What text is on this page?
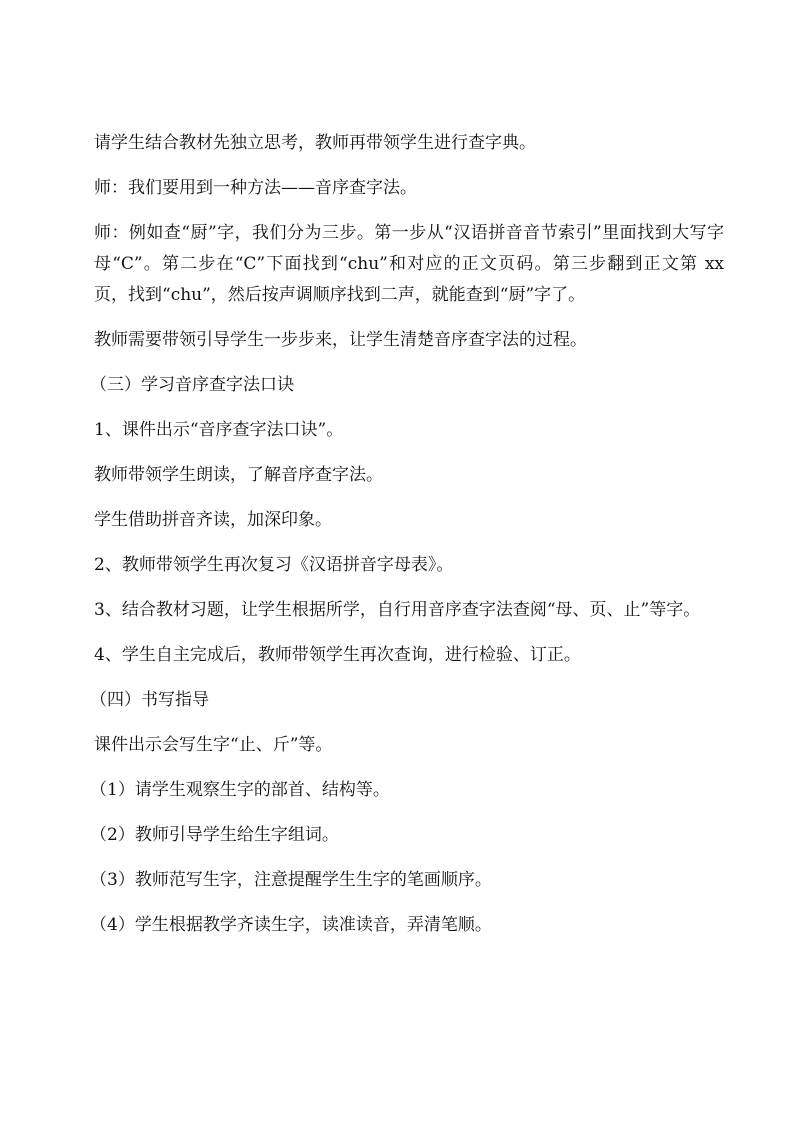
请学生结合教材先独立思考，教师再带领学生进行查字典。

师：我们要用到一种方法——音序查字法。

师：例如查“厨”字，我们分为三步。第一步从“汉语拼音音节索引”里面找到大写字母“C”。第二步在“C”下面找到“chu”和对应的正文页码。第三步翻到正文第 xx 页，找到“chu”，然后按声调顺序找到二声，就能查到“厨”字了。

教师需要带领引导学生一步步来，让学生清楚音序查字法的过程。

（三）学习音序查字法口诀

1、课件出示“音序查字法口诀”。

教师带领学生朗读，了解音序查字法。

学生借助拼音齐读，加深印象。

2、教师带领学生再次复习《汉语拼音字母表》。

3、结合教材习题，让学生根据所学，自行用音序查字法查阅“母、页、止”等字。

4、学生自主完成后，教师带领学生再次查询，进行检验、订正。

（四）书写指导

课件出示会写生字“止、斤”等。

（1）请学生观察生字的部首、结构等。

（2）教师引导学生给生字组词。

（3）教师范写生字，注意提醒学生生字的笔画顺序。

（4）学生根据教学齐读生字，读准读音，弄清笔顺。
